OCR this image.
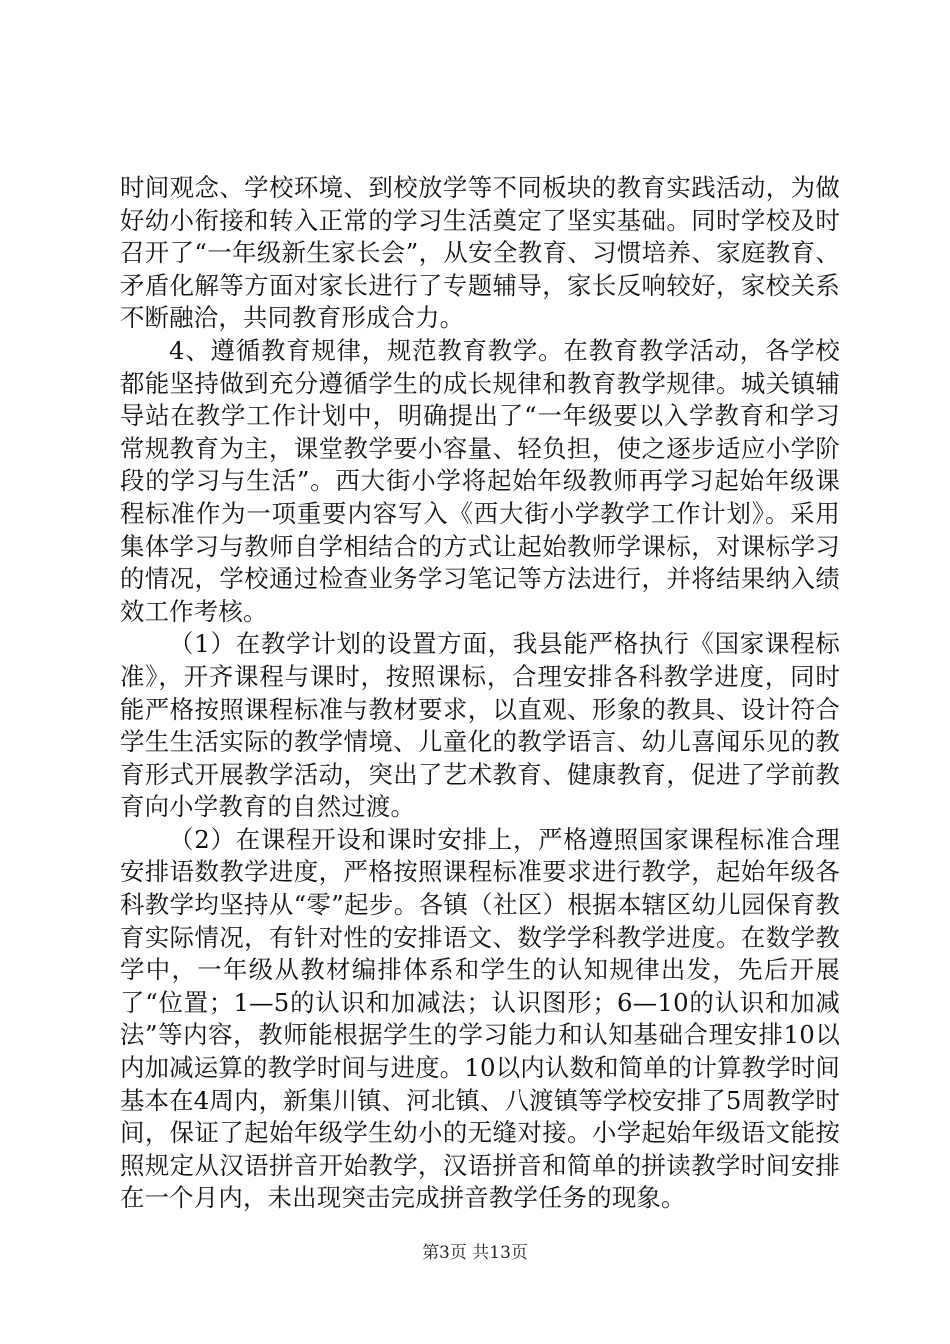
时间观念、学校环境、到校放学等不同板块的教育实践活动，为做好幼小衔接和转入正常的学习生活奠定了坚实基础。同时学校及时召开了“一年级新生家长会”，从安全教育、习惯培养、家庭教育、矛盾化解等方面对家长进行了专题辅导，家长反响较好，家校关系不断融洽，共同教育形成合力。

4、遵循教育规律，规范教育教学。在教育教学活动，各学校都能坚持做到充分遵循学生的成长规律和教育教学规律。城关镇辅导站在教学工作计划中，明确提出了“一年级要以入学教育和学习常规教育为主，课堂教学要小容量、轻负担，使之逐步适应小学阶段的学习与生活”。西大街小学将起始年级教师再学习起始年级课程标准作为一项重要内容写入《西大街小学教学工作计划》。采用集体学习与教师自学相结合的方式让起始教师学课标，对课标学习的情况，学校通过检查业务学习笔记等方法进行，并将结果纳入绩效工作考核。

（1）在教学计划的设置方面，我县能严格执行《国家课程标准》，开齐课程与课时，按照课标，合理安排各科教学进度，同时能严格按照课程标准与教材要求，以直观、形象的教具、设计符合学生生活实际的教学情境、儿童化的教学语言、幼儿喜闻乐见的教育形式开展教学活动，突出了艺术教育、健康教育，促进了学前教育向小学教育的自然过渡。

（2）在课程开设和课时安排上，严格遵照国家课程标准合理安排语数教学进度，严格按照课程标准要求进行教学，起始年级各科教学均坚持从“零”起步。各镇（社区）根据本辖区幼儿园保育教育实际情况，有针对性的安排语文、数学学科教学进度。在数学教学中，一年级从教材编排体系和学生的认知规律出发，先后开展了“位置；1—5的认识和加减法；认识图形；6—10的认识和加减法”等内容，教师能根据学生的学习能力和认知基础合理安排10以内加减运算的教学时间与进度。10以内认数和简单的计算教学时间基本在4周内，新集川镇、河北镇、八渡镇等学校安排了5周教学时间，保证了起始年级学生幼小的无缝对接。小学起始年级语文能按照规定从汉语拼音开始教学，汉语拼音和简单的拼读教学时间安排在一个月内，未出现突击完成拼音教学任务的现象。

第3页 共13页
